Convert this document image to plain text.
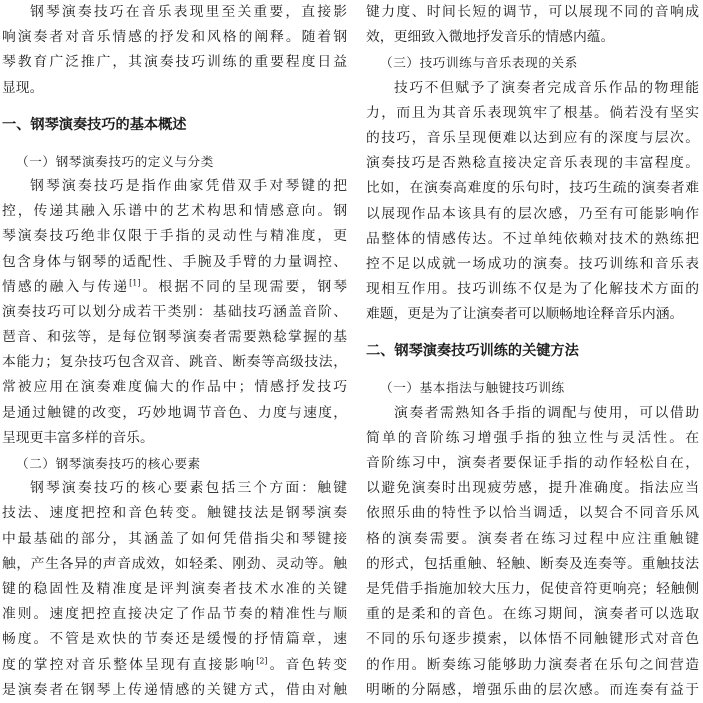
钢琴演奏技巧在音乐表现里至关重要，直接影
响演奏者对音乐情感的抒发和风格的阐释。随着钢
琴教育广泛推广，其演奏技巧训练的重要程度日益
显现。
一、钢琴演奏技巧的基本概述
（一）钢琴演奏技巧的定义与分类
钢琴演奏技巧是指作曲家凭借双手对琴键的把
控，传递其融入乐谱中的艺术构思和情感意向。钢
琴演奏技巧绝非仅限于手指的灵动性与精准度，更
包含身体与钢琴的适配性、手腕及手臂的力量调控、
情感的融入与传递[1]。根据不同的呈现需要，钢琴
演奏技巧可以划分成若干类别：基础技巧涵盖音阶、
琶音、和弦等，是每位钢琴演奏者需要熟稔掌握的基
本能力；复杂技巧包含双音、跳音、断奏等高级技法，
常被应用在演奏难度偏大的作品中；情感抒发技巧
是通过触键的改变，巧妙地调节音色、力度与速度，
呈现更丰富多样的音乐。
（二）钢琴演奏技巧的核心要素
钢琴演奏技巧的核心要素包括三个方面：触键
技法、速度把控和音色转变。触键技法是钢琴演奏
中最基础的部分，其涵盖了如何凭借指尖和琴键接
触，产生各异的声音成效，如轻柔、刚劲、灵动等。触
键的稳固性及精准度是评判演奏者技术水准的关键
准则。速度把控直接决定了作品节奏的精准性与顺
畅度。不管是欢快的节奏还是缓慢的抒情篇章，速
度的掌控对音乐整体呈现有直接影响[2]。音色转变
是演奏者在钢琴上传递情感的关键方式，借由对触
键力度、时间长短的调节，可以展现不同的音响成
效，更细致入微地抒发音乐的情感内蕴。
（三）技巧训练与音乐表现的关系
技巧不但赋予了演奏者完成音乐作品的物理能
力，而且为其音乐表现筑牢了根基。倘若没有坚实
的技巧，音乐呈现便难以达到应有的深度与层次。
演奏技巧是否熟稔直接决定音乐表现的丰富程度。
比如，在演奏高难度的乐句时，技巧生疏的演奏者难
以展现作品本该具有的层次感，乃至有可能影响作
品整体的情感传达。不过单纯依赖对技术的熟练把
控不足以成就一场成功的演奏。技巧训练和音乐表
现相互作用。技巧训练不仅是为了化解技术方面的
难题，更是为了让演奏者可以顺畅地诠释音乐内涵。
二、钢琴演奏技巧训练的关键方法
（一）基本指法与触键技巧训练
演奏者需熟知各手指的调配与使用，可以借助
简单的音阶练习增强手指的独立性与灵活性。在
音阶练习中，演奏者要保证手指的动作轻松自在，
以避免演奏时出现疲劳感，提升准确度。指法应当
依照乐曲的特性予以恰当调适，以契合不同音乐风
格的演奏需要。演奏者在练习过程中应注重触键
的形式，包括重触、轻触、断奏及连奏等。重触技法
是凭借手指施加较大压力，促使音符更响亮；轻触侧
重的是柔和的音色。在练习期间，演奏者可以选取
不同的乐句逐步摸索，以体悟不同触键形式对音色
的作用。断奏练习能够助力演奏者在乐句之间营造
明晰的分隔感，增强乐曲的层次感。而连奏有益于
